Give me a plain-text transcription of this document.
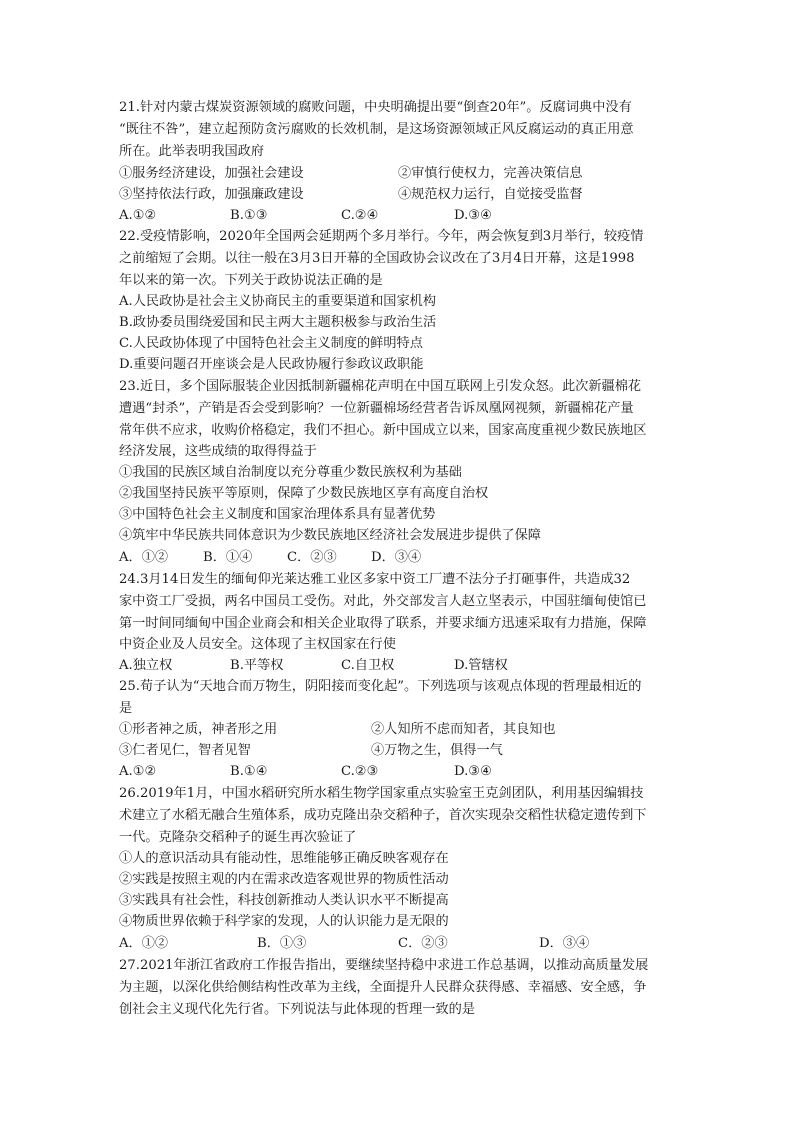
21.针对内蒙古煤炭资源领域的腐败问题，中央明确提出要“倒查20年”。反腐词典中没有
“既往不咎”，建立起预防贪污腐败的长效机制，是这场资源领域正风反腐运动的真正用意
所在。此举表明我国政府
①服务经济建设，加强社会建设	②审慎行使权力，完善决策信息
③坚持依法行政，加强廉政建设	④规范权力运行，自觉接受监督
A.①②	B.①③	C.②④	D.③④
22.受疫情影响，2020年全国两会延期两个多月举行。今年，两会恢复到3月举行，较疫情
之前缩短了会期。以往一般在3月3日开幕的全国政协会议改在了3月4日开幕，这是1998
年以来的第一次。下列关于政协说法正确的是
A.人民政协是社会主义协商民主的重要渠道和国家机构
B.政协委员围绕爱国和民主两大主题积极参与政治生活
C.人民政协体现了中国特色社会主义制度的鲜明特点
D.重要问题召开座谈会是人民政协履行参政议政职能
23.近日，多个国际服装企业因抵制新疆棉花声明在中国互联网上引发众怒。此次新疆棉花
遭遇“封杀”，产销是否会受到影响？一位新疆棉场经营者告诉凤凰网视频，新疆棉花产量
常年供不应求，收购价格稳定，我们不担心。新中国成立以来，国家高度重视少数民族地区
经济发展，这些成绩的取得得益于
①我国的民族区域自治制度以充分尊重少数民族权利为基础
②我国坚持民族平等原则，保障了少数民族地区享有高度自治权
③中国特色社会主义制度和国家治理体系具有显著优势
④筑牢中华民族共同体意识为少数民族地区经济社会发展进步提供了保障
A．①②	B．①④	C．②③	D．③④
24.3月14日发生的缅甸仰光莱达雅工业区多家中资工厂遭不法分子打砸事件，共造成32
家中资工厂受损，两名中国员工受伤。对此，外交部发言人赵立坚表示，中国驻缅甸使馆已
第一时间同缅甸中国企业商会和相关企业取得了联系，并要求缅方迅速采取有力措施，保障
中资企业及人员安全。这体现了主权国家在行使
A.独立权	B.平等权	C.自卫权	D.管辖权
25.荀子认为“天地合而万物生，阴阳接而变化起”。下列选项与该观点体现的哲理最相近的
是
①形者神之质，神者形之用	②人知所不虑而知者，其良知也
③仁者见仁，智者见智	④万物之生，俱得一气
A.①②	B.①④	C.②③	D.③④
26.2019年1月，中国水稻研究所水稻生物学国家重点实验室王克剑团队，利用基因编辑技
术建立了水稻无融合生殖体系，成功克隆出杂交稻种子，首次实现杂交稻性状稳定遗传到下
一代。克隆杂交稻种子的诞生再次验证了
①人的意识活动具有能动性，思维能够正确反映客观存在
②实践是按照主观的内在需求改造客观世界的物质性活动
③实践具有社会性，科技创新推动人类认识水平不断提高
④物质世界依赖于科学家的发现，人的认识能力是无限的
A．①②	B．①③	C．②③	D．③④
27.2021年浙江省政府工作报告指出，要继续坚持稳中求进工作总基调，以推动高质量发展
为主题，以深化供给侧结构性改革为主线，全面提升人民群众获得感、幸福感、安全感，争
创社会主义现代化先行省。下列说法与此体现的哲理一致的是
